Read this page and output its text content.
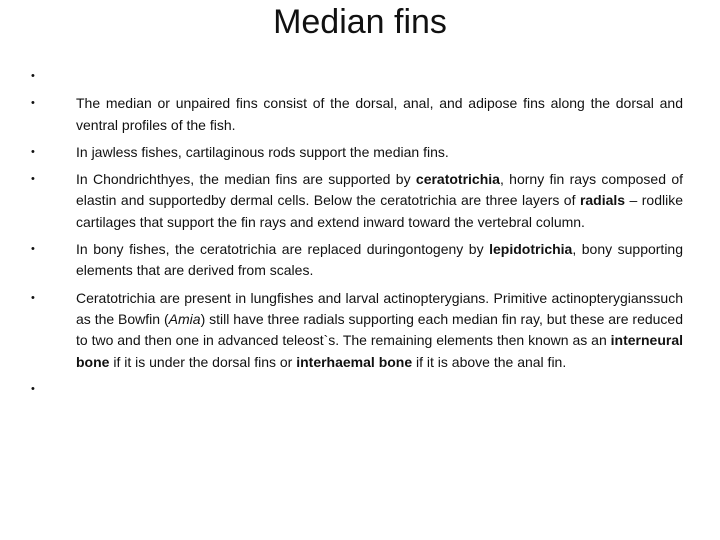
Median fins
•
•	The median or unpaired fins consist of the dorsal, anal, and adipose fins along the dorsal and ventral profiles of the fish.
•	In jawless fishes, cartilaginous rods support the median fins.
•	In Chondrichthyes, the median fins are supported by ceratotrichia, horny fin rays composed of elastin and supportedby dermal cells. Below the ceratotrichia are three layers of radials – rodlike cartilages that support the fin rays and extend inward toward the vertebral column.
•	In bony fishes, the ceratotrichia are replaced duringontogeny by lepidotrichia, bony supporting elements that are derived from scales.
•	Ceratotrichia are present in lungfishes and larval actinopterygians. Primitive actinopterygianssuch as the Bowfin (Amia) still have three radials supporting each median fin ray, but these are reduced to two and then one in advanced teleost`s. The remaining elements then known as an interneural bone if it is under the dorsal fins or interhaemal bone if it is above the anal fin.
•
